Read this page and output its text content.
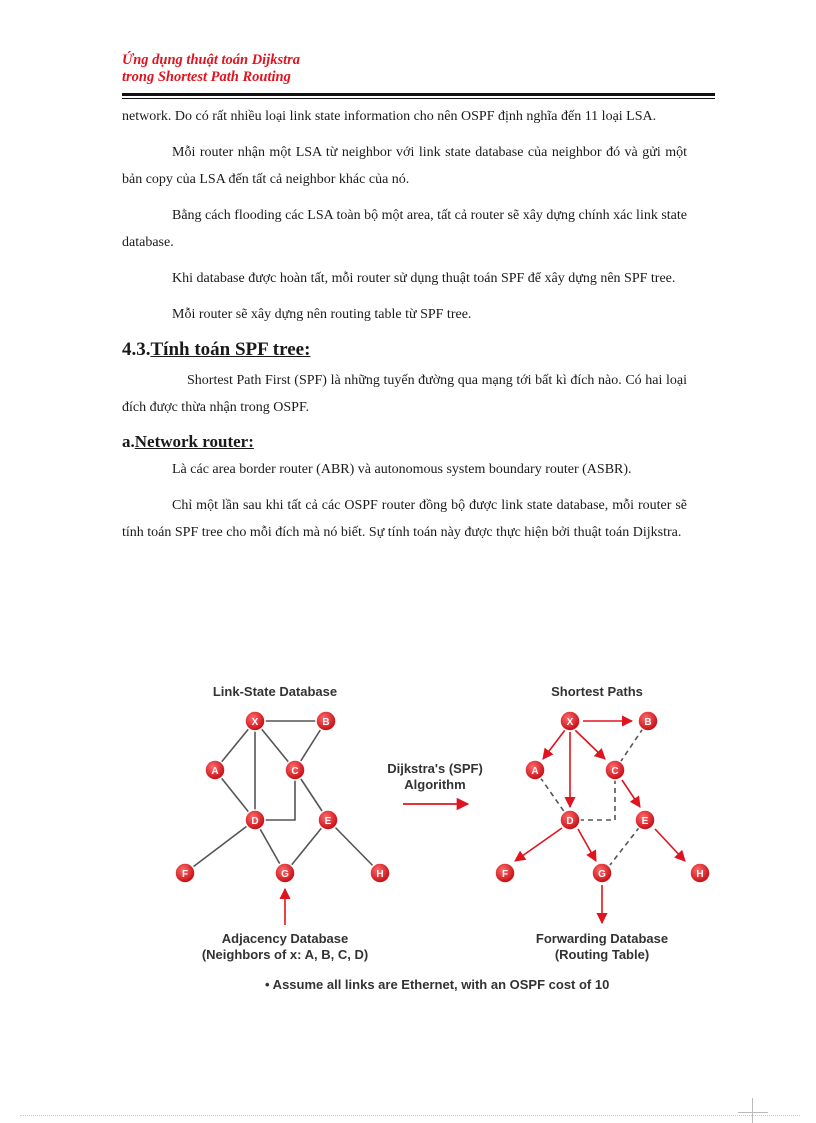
Ứng dụng thuật toán Dijkstra
trong Shortest Path Routing

network. Do có rất nhiều loại link state information cho nên OSPF định nghĩa đến 11 loại LSA.

Mỗi router nhận một LSA từ neighbor với link state database của neighbor đó và gửi một bản copy của LSA đến tất cả neighbor khác của nó.

Bằng cách flooding các LSA toàn bộ một area, tất cả router sẽ xây dựng chính xác link state database.

Khi database được hoàn tất, mỗi router sử dụng thuật toán SPF để xây dựng nên SPF tree.

Mỗi router sẽ xây dựng nên routing table từ SPF tree.

4.3.Tính toán SPF tree:

Shortest Path First (SPF) là những tuyến đường qua mạng tới bất kì đích nào. Có hai loại đích được thừa nhận trong OSPF.

a.Network router:

Là các area border router (ABR) và autonomous system boundary router (ASBR).

Chỉ một lần sau khi tất cả các OSPF router đồng bộ được link state database, mỗi router sẽ tính toán SPF tree cho mỗi đích mà nó biết. Sự tính toán này được thực hiện bởi thuật toán Dijkstra.

Link-State Database	Shortest Paths
X	B
A	C
D	E
F	G	H
Dijkstra's (SPF)
Algorithm
X	B
A	C
D	E
F	G	H
Adjacency Database
(Neighbors of x: A, B, C, D)
Forwarding Database
(Routing Table)
• Assume all links are Ethernet, with an OSPF cost of 10
